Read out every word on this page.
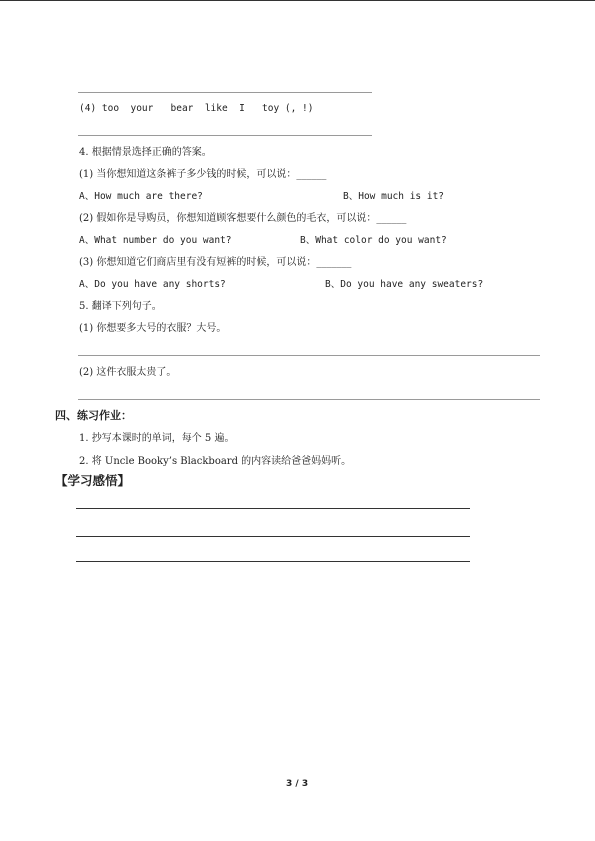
(4) too  your   bear  like  I   toy (, !)
4. 根据情景选择正确的答案。
(1) 当你想知道这条裤子多少钱的时候，可以说：______
A、How much are there?	B、How much is it?
(2) 假如你是导购员，你想知道顾客想要什么颜色的毛衣，可以说：______
A、What number do you want?	B、What color do you want?
(3) 你想知道它们商店里有没有短裤的时候，可以说：_______
A、Do you have any shorts?	B、Do you have any sweaters?
5. 翻译下列句子。
(1) 你想要多大号的衣服？大号。
(2) 这件衣服太贵了。
四、练习作业：
1. 抄写本课时的单词，每个 5 遍。
2. 将 Uncle Booky’s Blackboard 的内容读给爸爸妈妈听。
【学习感悟】
3 / 3
